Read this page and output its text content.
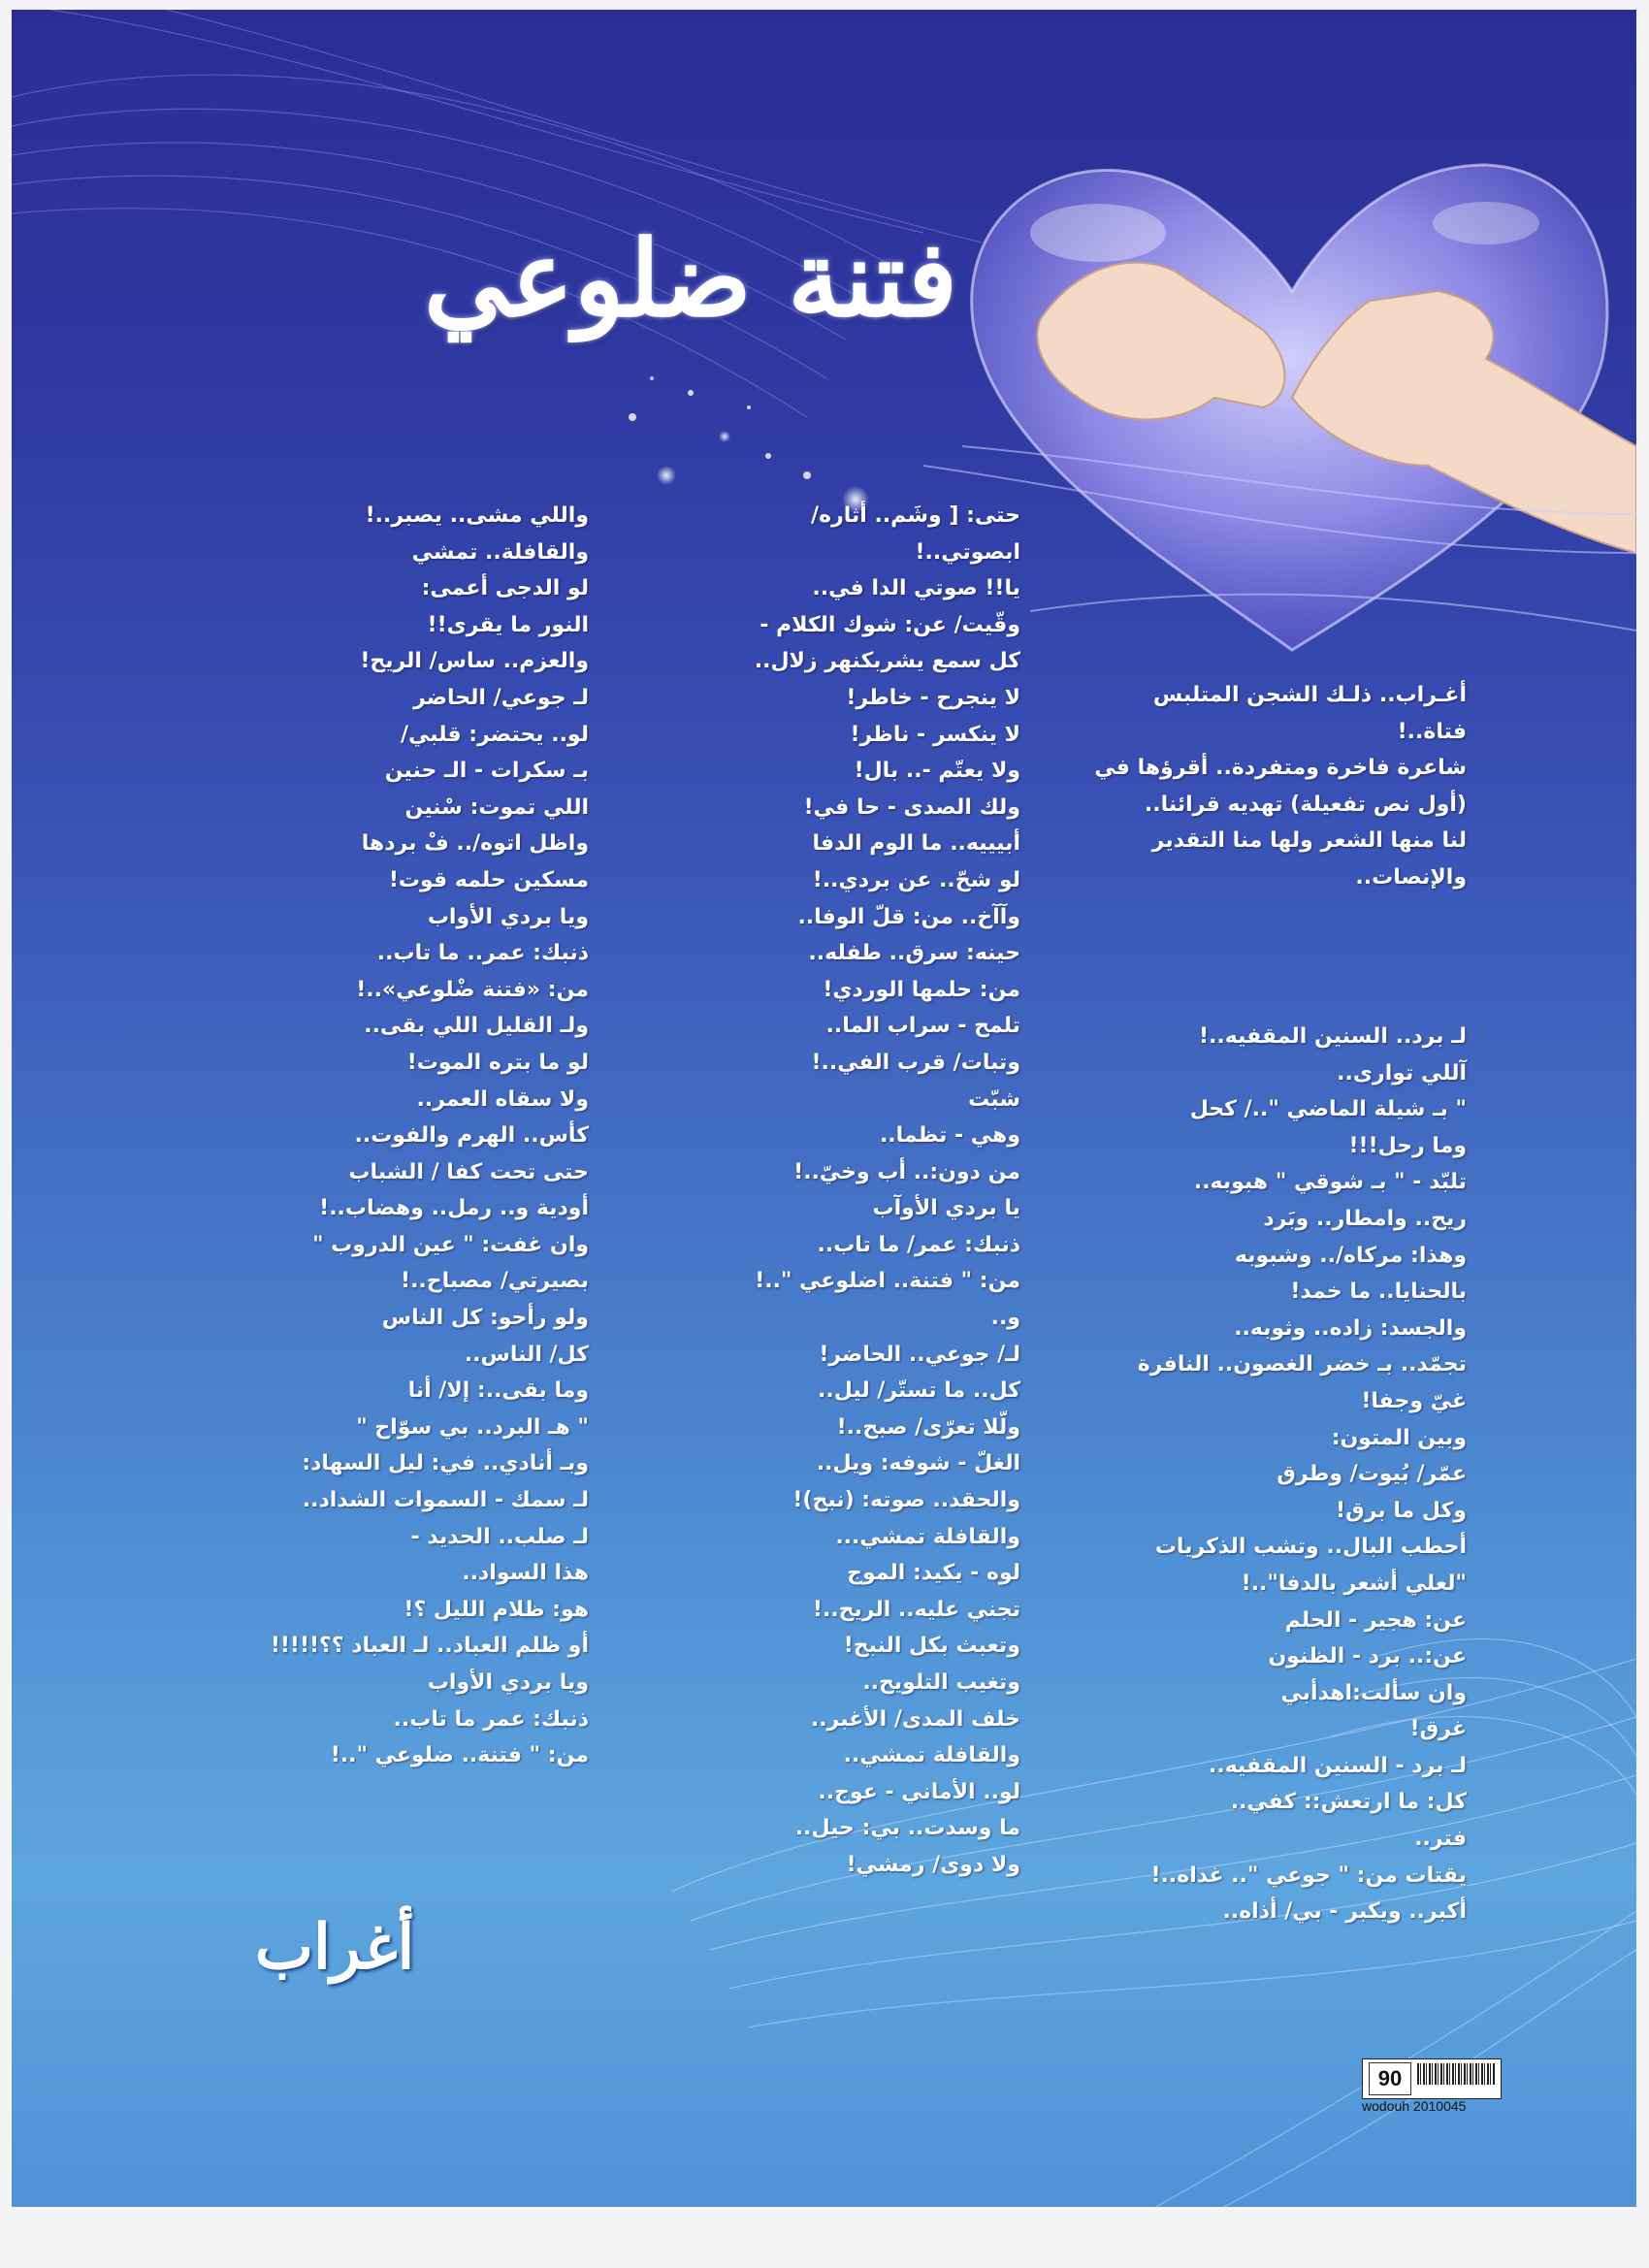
فتنة ضلوعي
أغـراب.. ذلـك الشجن المتلبس
فتاة..!
شاعرة فاخرة ومتفردة.. أقرؤها في
(أول نص تفعيلة) تهديه قرائنا..
لنا منها الشعر ولها منا التقدير
والإنصات..
لـ برد.. السنين المقفيه..!
آللي توارى..
" بـ شيلة الماضي "../ كحل
وما رحل!!!
تلبّد - " بـ شوقي " هبوبه..
ريح.. وامطار.. وبَرد
وهذا: مركاه/.. وشبوبه
بالحنايا.. ما خمد!
والجسد: زاده.. وثوبه..
تجمّد.. بـ خضر الغصون.. النافرة
غيّ وجفا!
وبين المتون:
عمّر/ بُيوت/ وطرق
وكل ما برق!
أحطب البال.. وتشب الذكريات
"لعلي أشعر بالدفا"..!
عن: هجير - الحلم
عن:.. برد - الظنون
وان سألت:اهدأبي
غرق!
لـ برد - السنين المقفيه..
كل: ما ارتعش:: كفي..
فتر..
يقتات من: " جوعي ".. غداه..!
أكبر.. ويكبر - بي/ أذاه..
حتى: [ وشَم.. أثاره/
ابصوتي..!
يا!! صوتي الدا في..
وقّيت/ عن: شوك الكلام -
كل سمع يشربكنهر زلال..
لا ينجرح - خاطر!
لا ينكسر - ناظر!
ولا يعتّم -.. بال!
ولك الصدى - حا في!
أبيييه.. ما الوم الدفا
لو شحّ.. عن بردي..!
وآآخ.. من: قلّ الوفا..
حينه: سرق.. طفله..
من: حلمها الوردي!
تلمح - سراب الما..
وتبات/ قرب الفي..!
شبّت
وهي - تظما..
من دون:.. أب وخيّ..!
يا بردي الأوآب
ذنبك: عمر/ ما تاب..
من: " فتنة.. اضلوعي "..!
و..
لـ/ جوعي.. الحاضر!
كل.. ما تستّر/ ليل..
ولّلا تعرّى/ صبح..!
الغلّ - شوفه: ويل..
والحقد.. صوته: (نبح)!
والقافلة تمشي...
لوه - يكيد: الموج
تجني عليه.. الريح..!
وتعبث بكل النبح!
وتغيب التلويح..
خلف المدى/ الأغبر..
والقافلة تمشي..
لو.. الأماني - عوج..
ما وسدت.. بي: حيل..
ولا دوى/ رمشي!
واللي مشى.. يصبر..!
والقافلة.. تمشي
لو الدجى أعمى:
النور ما يقرى!!
والعزم.. ساس/ الريح!
لـ جوعي/ الحاضر
لو.. يحتضر: قلبي/
بـ سكرات - الـ حنين
اللي تموت: سْنين
واظل اتوه/.. فْ بردها
مسكين حلمه قوت!
ويا بردي الأواب
ذنبك: عمر.. ما تاب..
من: «فتنة ضْلوعي»..!
ولـ القليل اللي بقى..
لو ما بتره الموت!
ولا سقاه العمر..
كأس.. الهرم والفوت..
حتى تحت كفا / الشباب
أودية و.. رمل.. وهضاب..!
وان غفت: " عين الدروب "
بصيرتي/ مصباح..!
ولو رأحو: كل الناس
كل/ الناس..
وما بقى..: إلا/ أنا
" هـ البرد.. بي سوّاح "
وبـ أنادي.. في: ليل السهاد:
لـ سمك - السموات الشداد..
لـ صلب.. الحديد -
هذا السواد..
هو: ظلام الليل ؟!
أو ظلم العباد.. لـ العباد ؟؟!!!!!
ويا بردي الأواب
ذنبك: عمر ما تاب..
من: " فتنة.. ضلوعي "..!
أغراب
90
wodouh 2010045
